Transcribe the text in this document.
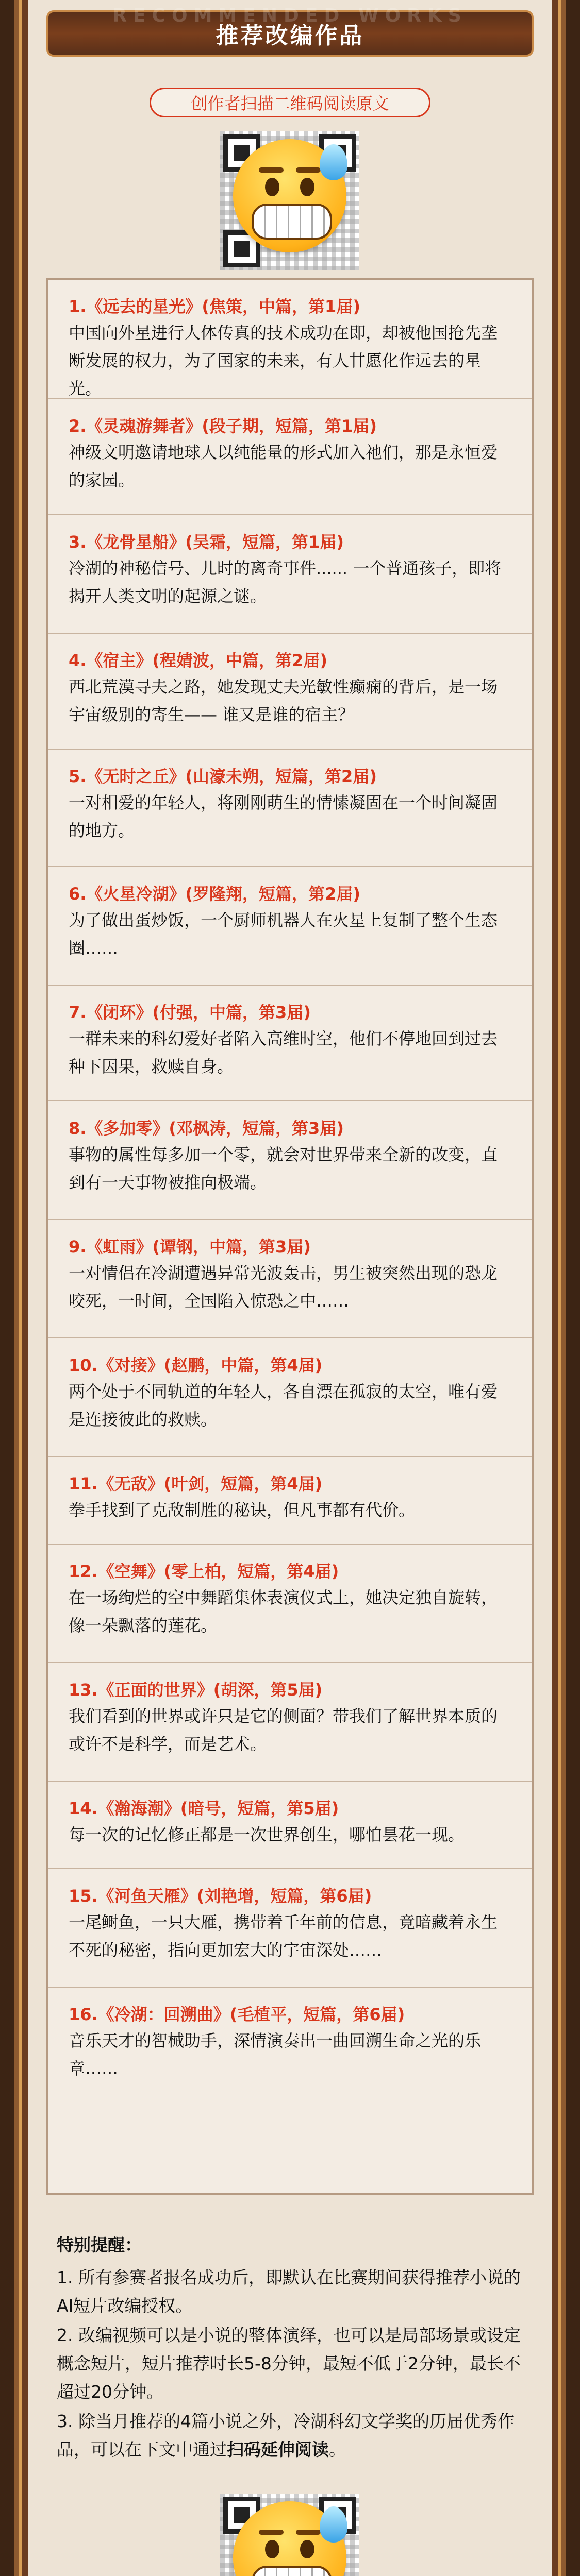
RECOMMENDED WORKS
推荐改编作品
创作者扫描二维码阅读原文
1.《远去的星光》(焦策，中篇，第1届)
中国向外星进行人体传真的技术成功在即，却被他国抢先垄断发展的权力，为了国家的未来，有人甘愿化作远去的星光。
2.《灵魂游舞者》(段子期，短篇，第1届)
神级文明邀请地球人以纯能量的形式加入祂们，那是永恒爱的家园。
3.《龙骨星船》(吴霜，短篇，第1届)
冷湖的神秘信号、儿时的离奇事件...... 一个普通孩子，即将揭开人类文明的起源之谜。
4.《宿主》(程婧波，中篇，第2届)
西北荒漠寻夫之路，她发现丈夫光敏性癫痫的背后，是一场宇宙级别的寄生—— 谁又是谁的宿主？
5.《无时之丘》(山濠未朔，短篇，第2届)
一对相爱的年轻人，将刚刚萌生的情愫凝固在一个时间凝固的地方。
6.《火星冷湖》(罗隆翔，短篇，第2届)
为了做出蛋炒饭，一个厨师机器人在火星上复制了整个生态圈……
7.《闭环》(付强，中篇，第3届)
一群未来的科幻爱好者陷入高维时空，他们不停地回到过去种下因果，救赎自身。
8.《多加零》(邓枫涛，短篇，第3届)
事物的属性每多加一个零，就会对世界带来全新的改变，直到有一天事物被推向极端。
9.《虹雨》(谭钢，中篇，第3届)
一对情侣在冷湖遭遇异常光波轰击，男生被突然出现的恐龙咬死，一时间，全国陷入惊恐之中……
10.《对接》(赵鹏，中篇，第4届)
两个处于不同轨道的年轻人，各自漂在孤寂的太空，唯有爱是连接彼此的救赎。
11.《无敌》(叶剑，短篇，第4届)
拳手找到了克敌制胜的秘诀，但凡事都有代价。
12.《空舞》(零上柏，短篇，第4届)
在一场绚烂的空中舞蹈集体表演仪式上，她决定独自旋转，像一朵飘落的莲花。
13.《正面的世界》(胡深，第5届)
我们看到的世界或许只是它的侧面？带我们了解世界本质的或许不是科学，而是艺术。
14.《瀚海潮》(暗号，短篇，第5届)
每一次的记忆修正都是一次世界创生，哪怕昙花一现。
15.《河鱼天雁》(刘艳增，短篇，第6届)
一尾鲥鱼，一只大雁，携带着千年前的信息，竟暗藏着永生不死的秘密，指向更加宏大的宇宙深处……
16.《冷湖：回溯曲》(毛植平，短篇，第6届)
音乐天才的智械助手，深情演奏出一曲回溯生命之光的乐章……
特别提醒：

1. 所有参赛者报名成功后，即默认在比赛期间获得推荐小说的AI短片改编授权。

2. 改编视频可以是小说的整体演绎，也可以是局部场景或设定概念短片，短片推荐时长5-8分钟，最短不低于2分钟，最长不超过20分钟。

3. 除当月推荐的4篇小说之外，冷湖科幻文学奖的历届优秀作品，可以在下文中通过扫码延伸阅读。
